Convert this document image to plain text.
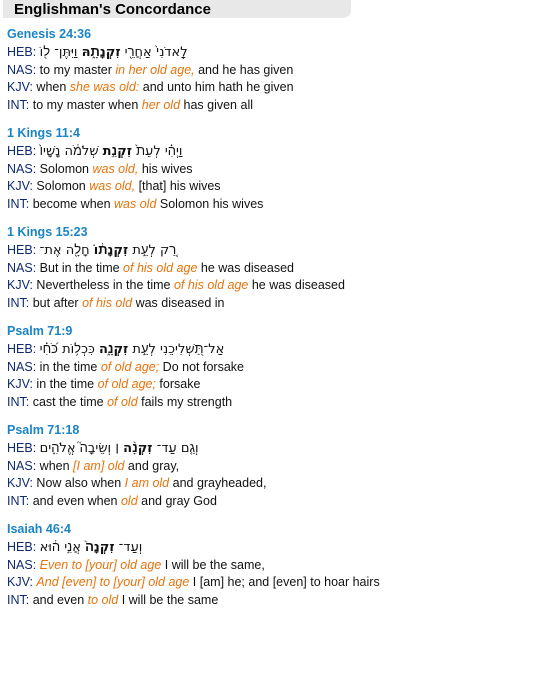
Englishman's Concordance
Genesis 24:36
HEB:	לַֽאדֹנִי֙ אַחֲרֵ֖י זִקְנָתָ֑הּ וַיִּתֶּן־ ל֖וֹ
NAS: to my master in her old age, and he has given
KJV: when she was old: and unto him hath he given
INT: to my master when her old has given all
1 Kings 11:4
HEB:	וַיְהִ֗י לְעֵת֙ זִקְנַ֣ת שְׁלֹמֹ֔ה נָשָׁיו֙
NAS: Solomon was old, his wives
KJV: Solomon was old, [that] his wives
INT: become when was old Solomon his wives
1 Kings 15:23
HEB:	רַ֚ק לְעֵ֣ת זִקְנָת֔וֹ חָלָ֖ה אֶת־
NAS: But in the time of his old age he was diseased
KJV: Nevertheless in the time of his old age he was diseased
INT: but after of his old was diseased in
Psalm 71:9
HEB:	אַל־תַּ֭שְׁלִיכֵנִי לְעֵ֣ת זִקְנָ֑ה כִּכְל֥וֹת כֹּ֝חִ֗י
NAS: in the time of old age; Do not forsake
KJV: in the time of old age; forsake
INT: cast the time of old fails my strength
Psalm 71:18
HEB:	וְגַ֤ם עַד־ זִקְנָ֨ה ׀ וְשֵׂיבָה֮ אֱלֹהִ֪ים
NAS: when [I am] old and gray,
KJV: Now also when I am old and grayheaded,
INT: and even when old and gray God
Isaiah 46:4
HEB:	וְעַד־ זִקְנָה֙ אֲנִ֣י ה֔וּא
NAS: Even to [your] old age I will be the same,
KJV: And [even] to [your] old age I [am] he; and [even] to hoar hairs
INT: and even to old I will be the same
